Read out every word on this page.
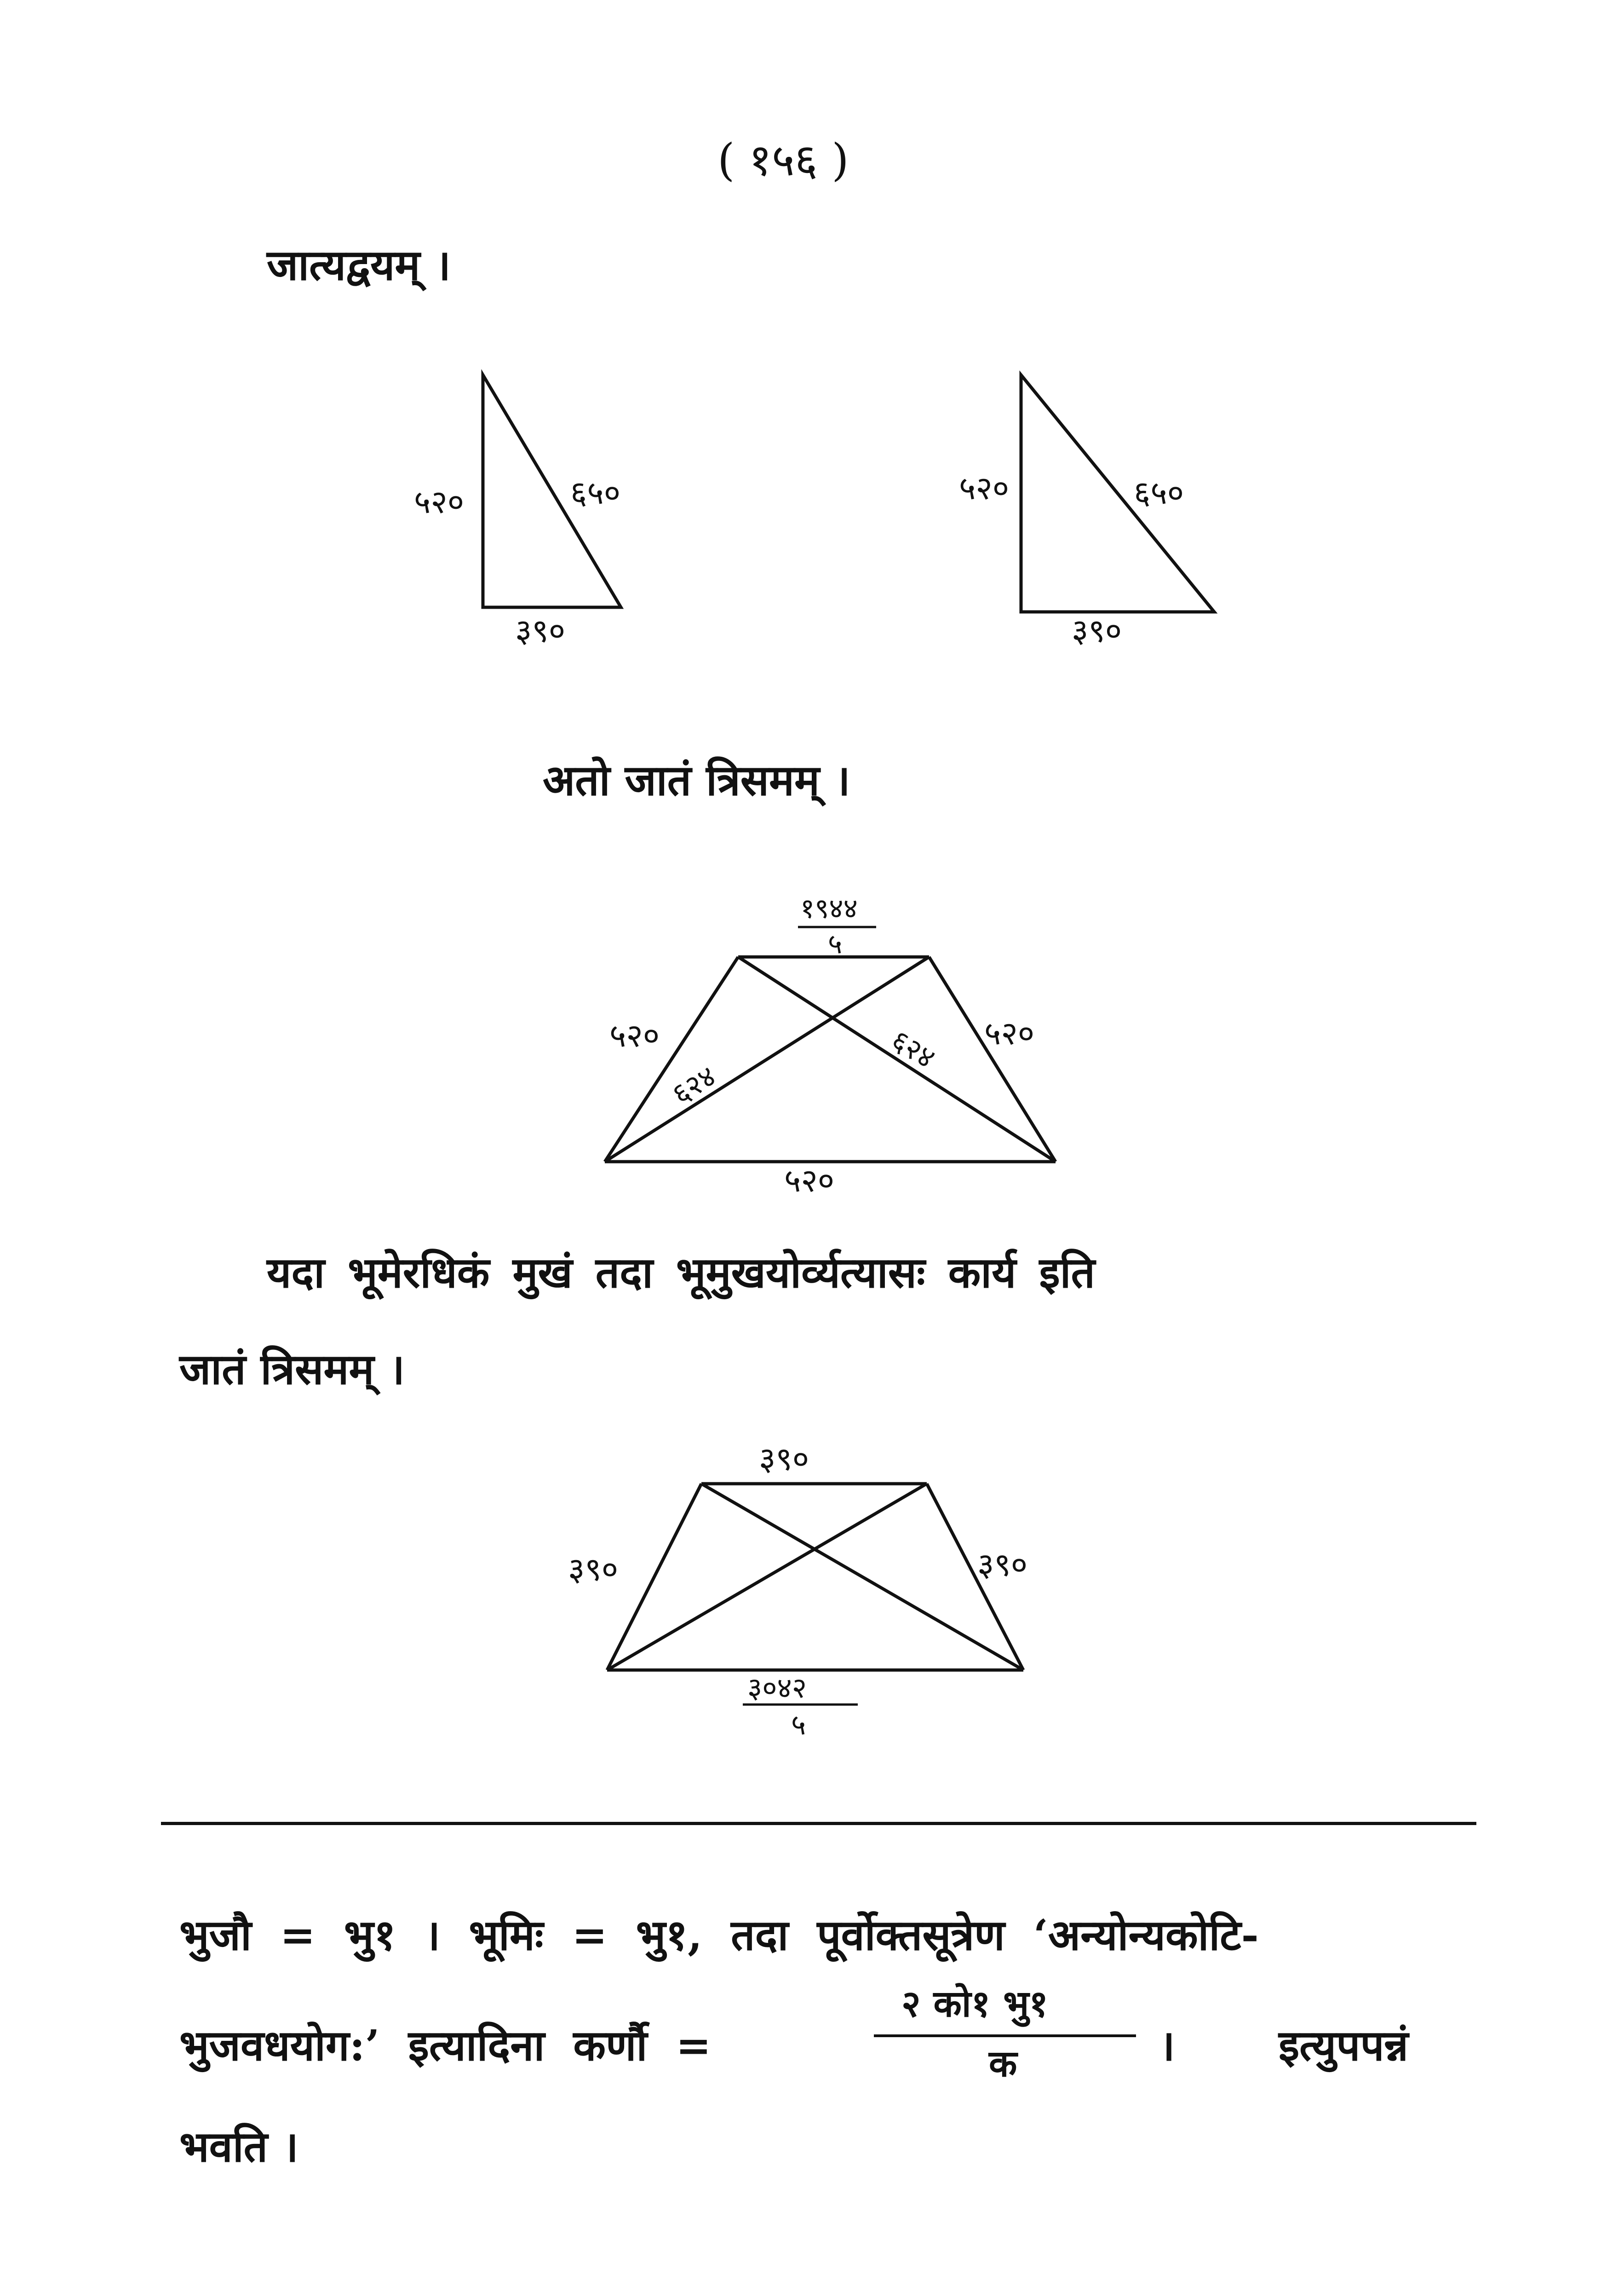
( १५६ )
जात्यद्वयम् ।
५२०	६५०
३९०
५२०	६५०
३९०
१९४४
५
५२०	५२०
६२४
६२४
५२०
३९०
३९०	३९०
३०४२
५
अतो जातं त्रिसमम् ।
यदा भूमेरधिकं मुखं तदा भूमुखयोर्व्यत्यासः कार्य इति
जातं त्रिसमम् ।
भुजौ = भु१ । भूमिः = भु१, तदा पूर्वोक्तसूत्रेण ‘अन्योन्यकोटि-
भुजवधयोग:’ इत्यादिना कर्णौ =
२ को१ भु१
क	। इत्युपपन्नं
भवति ।
